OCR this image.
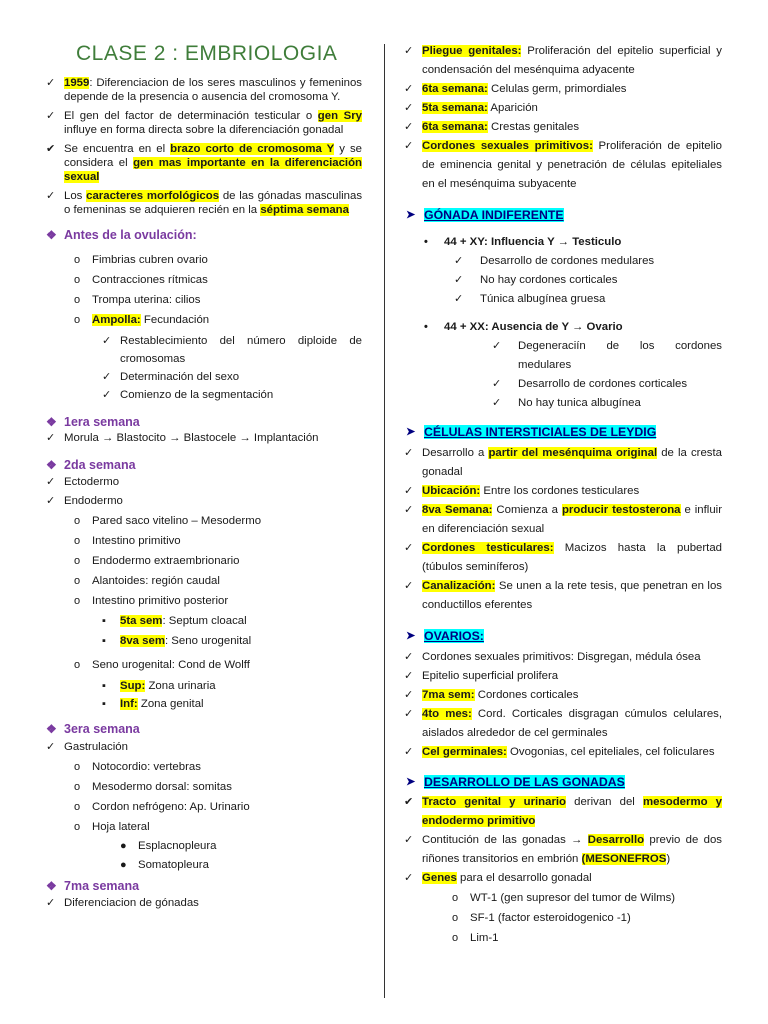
CLASE 2 : EMBRIOLOGIA
✓ 1959: Diferenciacion de los seres masculinos y femeninos depende de la presencia o ausencia del cromosoma Y.
✓ El gen del factor de determinación testicular o gen Sry influye en forma directa sobre la diferenciación gonadal
✔ Se encuentra en el brazo corto de cromosoma Y y se considera el gen mas importante en la diferenciación sexual
✓ Los caracteres morfológicos de las gónadas masculinas o femeninas se adquieren recién en la séptima semana
❖ Antes de la ovulación:
o Fimbrias cubren ovario
o Contracciones rítmicas
o Trompa uterina: cilios
o Ampolla: Fecundación
✓ Restablecimiento del número diploide de cromosomas
✓ Determinación del sexo
✓ Comienzo de la segmentación
❖ 1era semana
✓ Morula → Blastocito → Blastocele → Implantación
❖ 2da semana
✓ Ectodermo
✓ Endodermo
o Pared saco vitelino – Mesodermo
o Intestino primitivo
o Endodermo extraembrionario
o Alantoides: región caudal
o Intestino primitivo posterior
▪ 5ta sem: Septum cloacal
▪ 8va sem: Seno urogenital
o Seno urogenital: Cond de Wolff
▪ Sup: Zona urinaria
▪ Inf: Zona genital
❖ 3era semana
✓ Gastrulación
o Notocordio: vertebras
o Mesodermo dorsal: somitas
o Cordon nefrógeno: Ap. Urinario
o Hoja lateral
● Esplacnopleura
● Somatopleura
❖ 7ma semana
✓ Diferenciacion de gónadas
✓ Pliegue genitales: Proliferación del epitelio superficial y condensación del mesénquima adyacente
✓ 6ta semana: Celulas germ, primordiales
✓ 5ta semana: Aparición
✓ 6ta semana: Crestas genitales
✓ Cordones sexuales primitivos: Proliferación de epitelio de eminencia genital y penetración de células epiteliales en el mesénquima subyacente
➤ GÓNADA INDIFERENTE
• 44 + XY: Influencia Y → Testiculo
✓ Desarrollo de cordones medulares
✓ No hay cordones corticales
✓ Túnica albugínea gruesa
• 44 + XX: Ausencia de Y → Ovario
✓ Degeneraciín de los cordones medulares
✓ Desarrollo de cordones corticales
✓ No hay tunica albugínea
➤ CÉLULAS INTERSTICIALES DE LEYDIG
✓ Desarrollo a partir del mesénquima original de la cresta gonadal
✓ Ubicación: Entre los cordones testiculares
✓ 8va Semana: Comienza a producir testosterona e influir en diferenciación sexual
✓ Cordones testiculares: Macizos hasta la pubertad (túbulos seminíferos)
✓ Canalización: Se unen a la rete tesis, que penetran en los conductillos eferentes
➤ OVARIOS:
✓ Cordones sexuales primitivos: Disgregan, médula ósea
✓ Epitelio superficial prolifera
✓ 7ma sem: Cordones corticales
✓ 4to mes: Cord. Corticales disgragan cúmulos celulares, aislados alrededor de cel germinales
✓ Cel germinales: Ovogonias, cel epiteliales, cel foliculares
➤ DESARROLLO DE LAS GONADAS
✔ Tracto genital y urinario derivan del mesodermo y endodermo primitivo
✓ Contitución de las gonadas → Desarrollo previo de dos riñones transitorios en embrión (MESONEFROS)
✓ Genes para el desarrollo gonadal
o WT-1 (gen supresor del tumor de Wilms)
o SF-1 (factor esteroidogenico -1)
o Lim-1
